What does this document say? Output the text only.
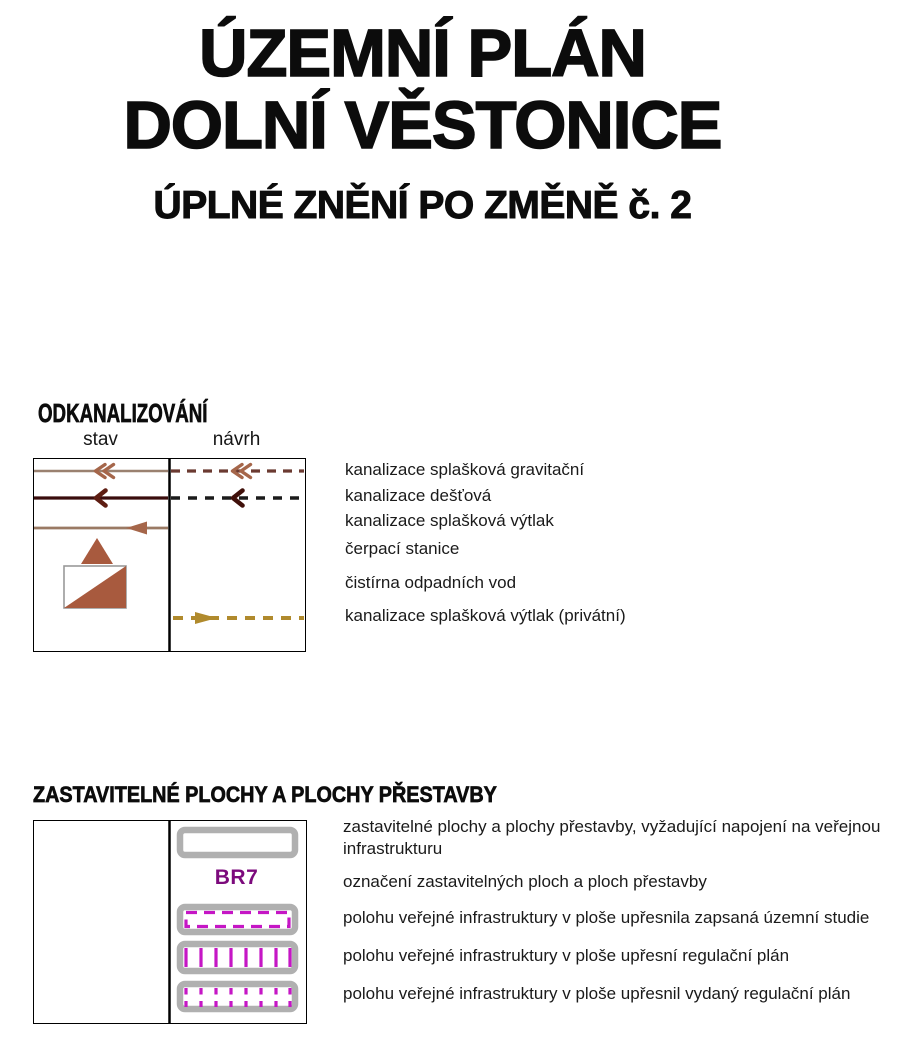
ÚZEMNÍ PLÁN
DOLNÍ VĚSTONICE
ÚPLNÉ ZNĚNÍ PO ZMĚNĚ č. 2
ODKANALIZOVÁNÍ
stav	návrh
kanalizace splašková gravitační
kanalizace dešťová
kanalizace splašková výtlak
čerpací stanice
čistírna odpadních vod
kanalizace splašková výtlak (privátní)
ZASTAVITELNÉ PLOCHY A PLOCHY PŘESTAVBY
BR7
zastavitelné plochy a plochy přestavby, vyžadující napojení na veřejnou infrastrukturu
označení zastavitelných ploch a ploch přestavby
polohu veřejné infrastruktury v ploše upřesnila zapsaná územní studie
polohu veřejné infrastruktury v ploše upřesní regulační plán
polohu veřejné infrastruktury v ploše upřesnil vydaný regulační plán
